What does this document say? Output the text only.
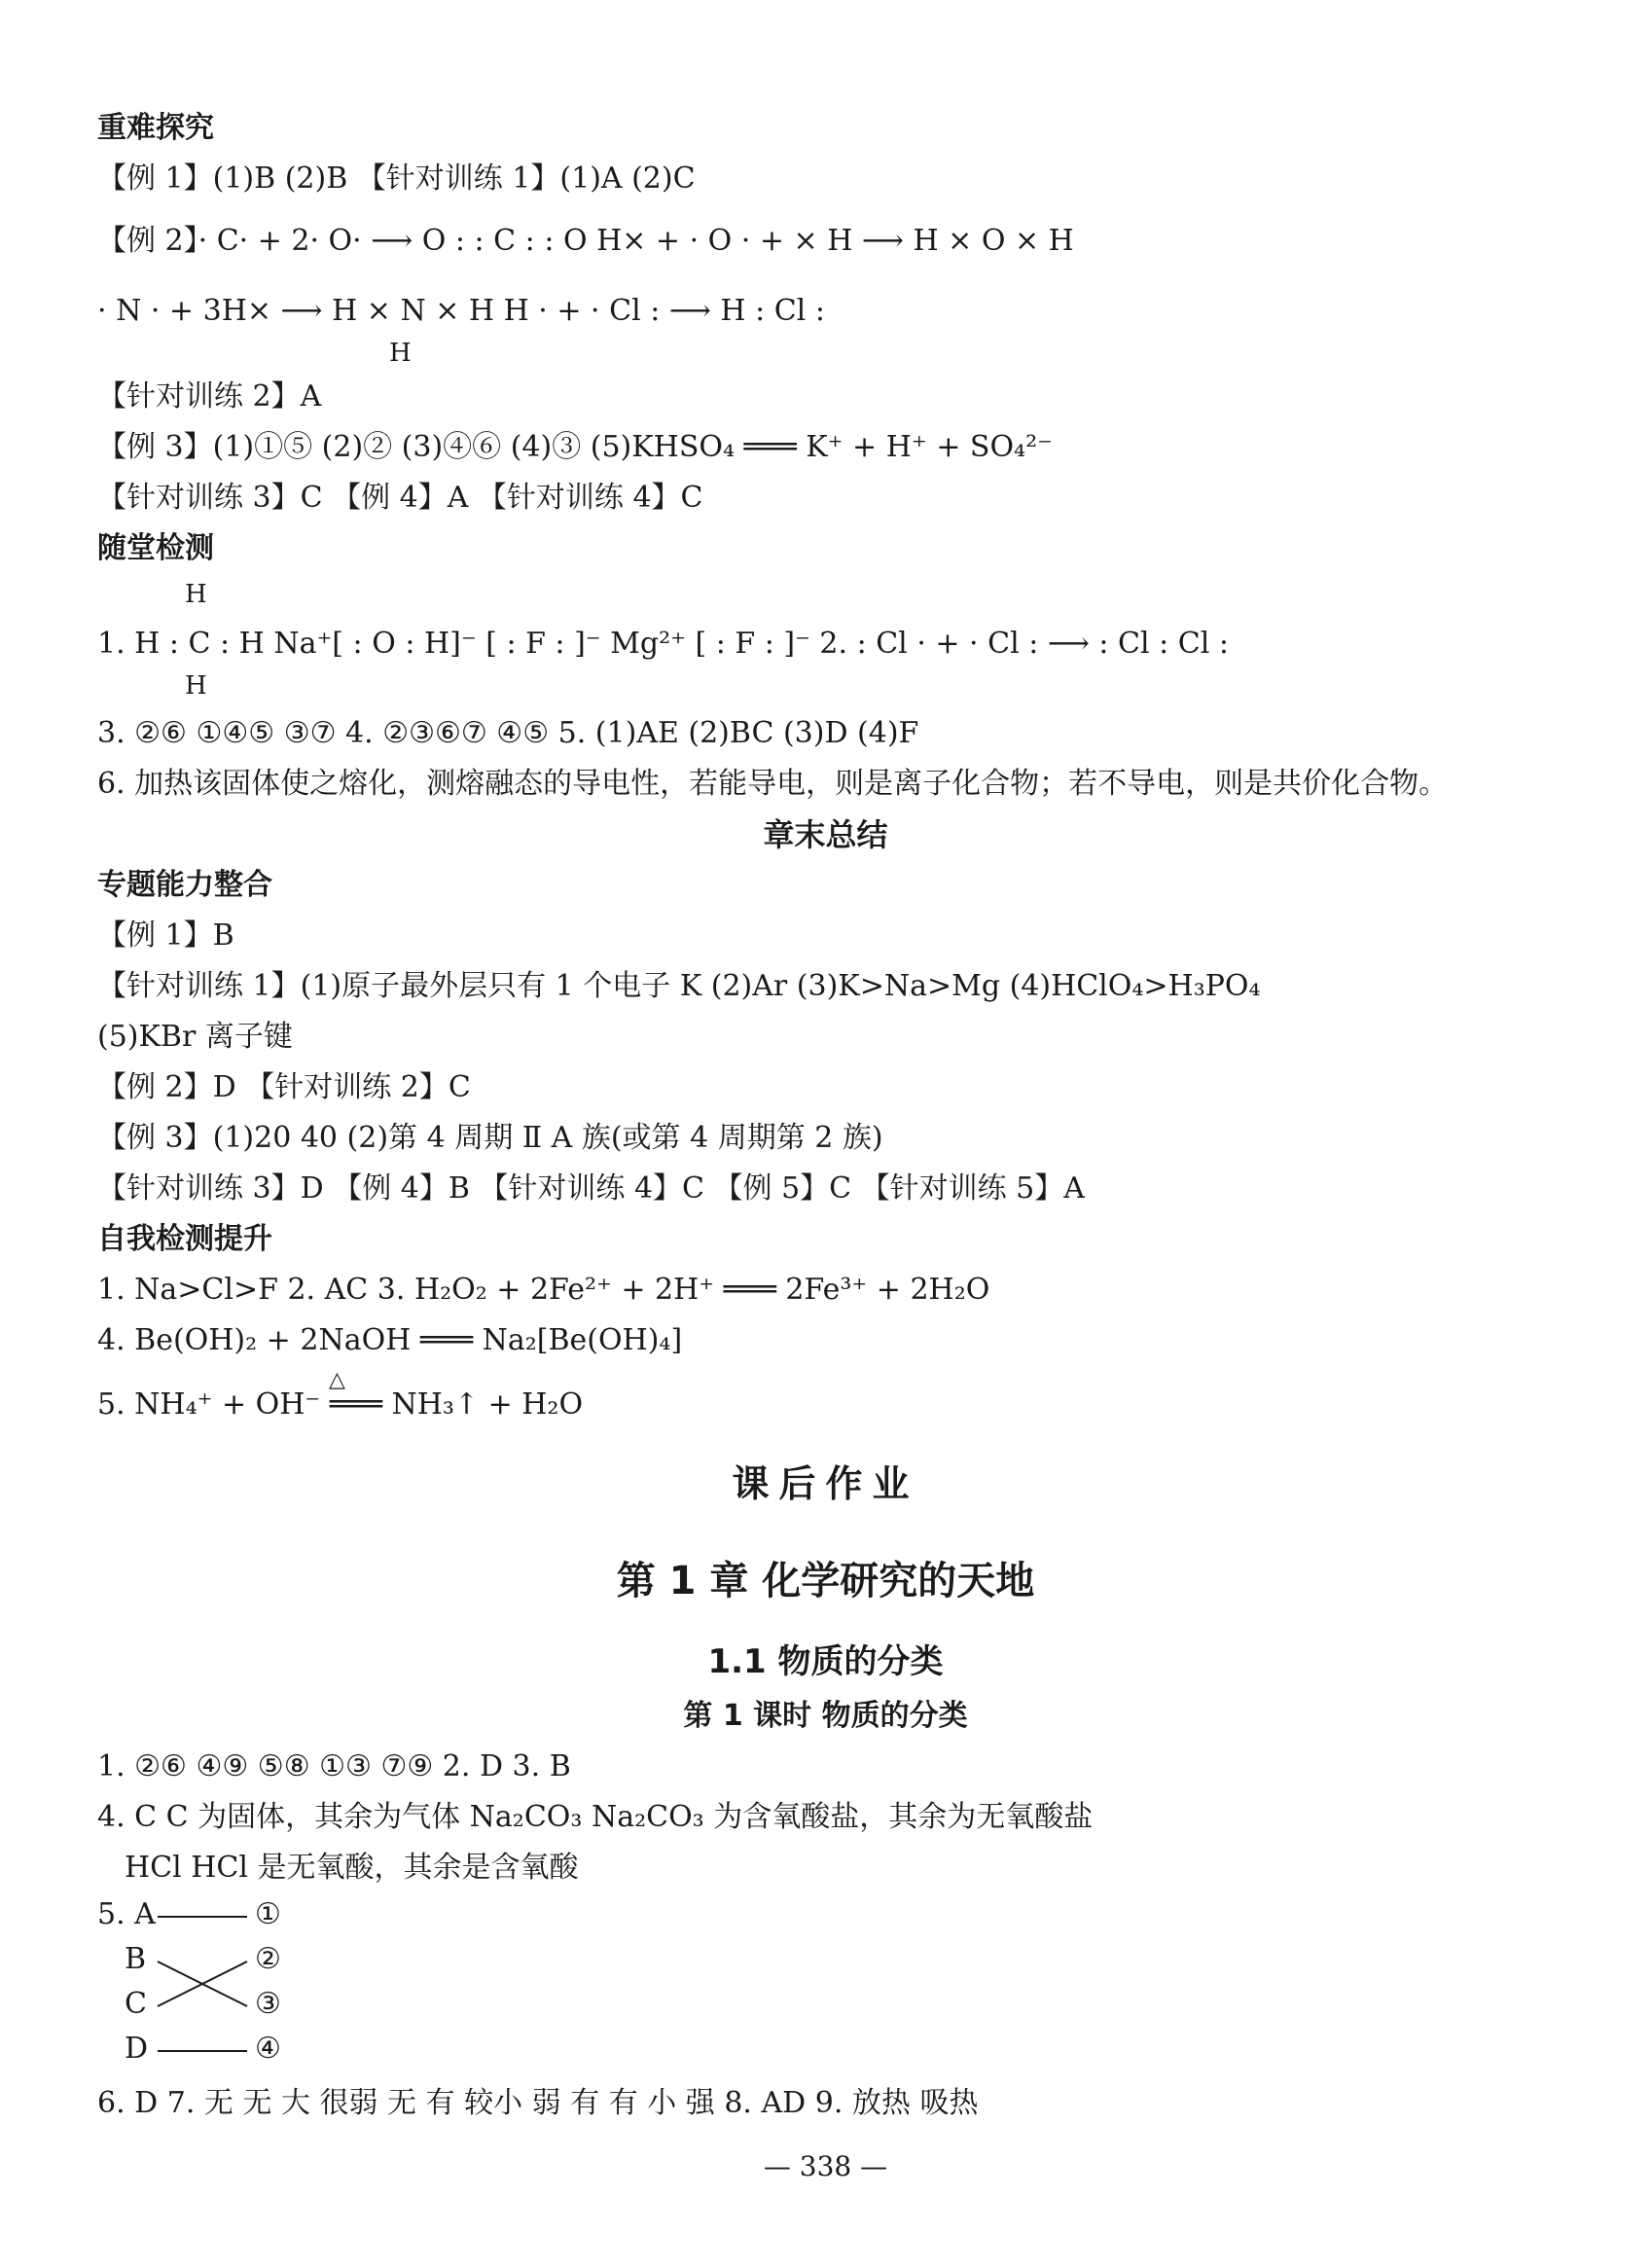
重难探究
【例 1】(1)B (2)B 【针对训练 1】(1)A (2)C
【例 2】· C· + 2· O· ⟶ O : : C : : O H× + · O · + × H ⟶ H × O × H
· N · + 3H× ⟶ H × N × H H · + · Cl : ⟶ H : Cl :
H
【针对训练 2】A
【例 3】(1)①⑤ (2)② (3)④⑥ (4)③ (5)KHSO₄ ═══ K⁺ + H⁺ + SO₄²⁻
【针对训练 3】C 【例 4】A 【针对训练 4】C
随堂检测
H
1. H : C : H Na⁺[ : O : H]⁻ [ : F : ]⁻ Mg²⁺ [ : F : ]⁻ 2. : Cl · + · Cl : ⟶ : Cl : Cl :
H
3. ②⑥ ①④⑤ ③⑦ 4. ②③⑥⑦ ④⑤ 5. (1)AE (2)BC (3)D (4)F
6. 加热该固体使之熔化，测熔融态的导电性，若能导电，则是离子化合物；若不导电，则是共价化合物。
章末总结
专题能力整合
【例 1】B
【针对训练 1】(1)原子最外层只有 1 个电子 K (2)Ar (3)K>Na>Mg (4)HClO₄>H₃PO₄
(5)KBr 离子键
【例 2】D 【针对训练 2】C
【例 3】(1)20 40 (2)第 4 周期 Ⅱ A 族(或第 4 周期第 2 族)
【针对训练 3】D 【例 4】B 【针对训练 4】C 【例 5】C 【针对训练 5】A
自我检测提升
1. Na>Cl>F 2. AC 3. H₂O₂ + 2Fe²⁺ + 2H⁺ ═══ 2Fe³⁺ + 2H₂O
4. Be(OH)₂ + 2NaOH ═══ Na₂[Be(OH)₄]
△
5. NH₄⁺ + OH⁻ ═══ NH₃↑ + H₂O
课后作业
第 1 章 化学研究的天地
1.1 物质的分类
第 1 课时 物质的分类
1. ②⑥ ④⑨ ⑤⑧ ①③ ⑦⑨ 2. D 3. B
4. C C 为固体，其余为气体 Na₂CO₃ Na₂CO₃ 为含氧酸盐，其余为无氧酸盐
HCl HCl 是无氧酸，其余是含氧酸
5. A
B
C
D
①
②
③
④
6. D 7. 无 无 大 很弱 无 有 较小 弱 有 有 小 强 8. AD 9. 放热 吸热
— 338 —
